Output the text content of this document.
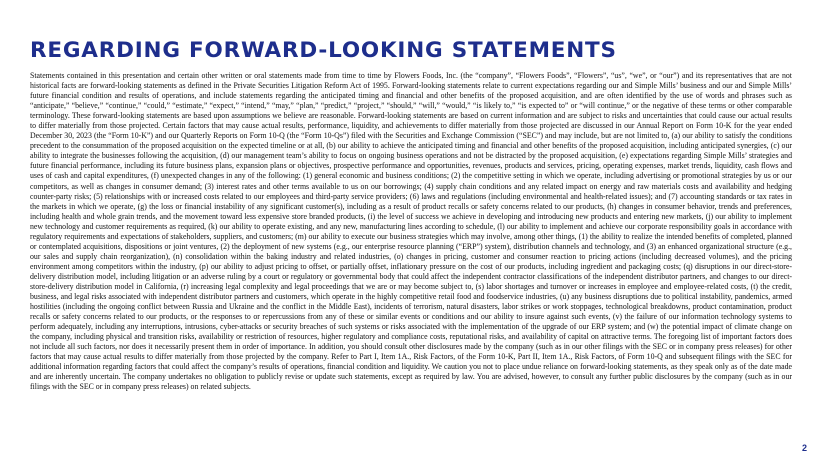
REGARDING FORWARD-LOOKING STATEMENTS

Statements contained in this presentation and certain other written or oral statements made from time to time by Flowers Foods, Inc. (the “company”, “Flowers Foods”, “Flowers”, “us”, “we”, or “our”) and its representatives that are not historical facts are forward-looking statements as defined in the Private Securities Litigation Reform Act of 1995. Forward-looking statements relate to current expectations regarding our and Simple Mills’ business and our and Simple Mills’ future financial condition and results of operations, and include statements regarding the anticipated timing and financial and other benefits of the proposed acquisition, and are often identified by the use of words and phrases such as “anticipate,” “believe,” “continue,” “could,” “estimate,” “expect,” “intend,” “may,” “plan,” “predict,” “project,” “should,” “will,” “would,” “is likely to,” “is expected to” or “will continue,” or the negative of these terms or other comparable terminology. These forward-looking statements are based upon assumptions we believe are reasonable. Forward-looking statements are based on current information and are subject to risks and uncertainties that could cause our actual results to differ materially from those projected. Certain factors that may cause actual results, performance, liquidity, and achievements to differ materially from those projected are discussed in our Annual Report on Form 10-K for the year ended December 30, 2023 (the “Form 10-K”) and our Quarterly Reports on Form 10-Q (the “Form 10-Qs”) filed with the Securities and Exchange Commission (“SEC”) and may include, but are not limited to, (a) our ability to satisfy the conditions precedent to the consummation of the proposed acquisition on the expected timeline or at all, (b) our ability to achieve the anticipated timing and financial and other benefits of the proposed acquisition, including anticipated synergies, (c) our ability to integrate the businesses following the acquisition, (d) our management team’s ability to focus on ongoing business operations and not be distracted by the proposed acquisition, (e) expectations regarding Simple Mills’ strategies and future financial performance, including its future business plans, expansion plans or objectives, prospective performance and opportunities, revenues, products and services, pricing, operating expenses, market trends, liquidity, cash flows and uses of cash and capital expenditures, (f) unexpected changes in any of the following: (1) general economic and business conditions; (2) the competitive setting in which we operate, including advertising or promotional strategies by us or our competitors, as well as changes in consumer demand; (3) interest rates and other terms available to us on our borrowings; (4) supply chain conditions and any related impact on energy and raw materials costs and availability and hedging counter-party risks; (5) relationships with or increased costs related to our employees and third-party service providers; (6) laws and regulations (including environmental and health-related issues); and (7) accounting standards or tax rates in the markets in which we operate, (g) the loss or financial instability of any significant customer(s), including as a result of product recalls or safety concerns related to our products, (h) changes in consumer behavior, trends and preferences, including health and whole grain trends, and the movement toward less expensive store branded products, (i) the level of success we achieve in developing and introducing new products and entering new markets, (j) our ability to implement new technology and customer requirements as required, (k) our ability to operate existing, and any new, manufacturing lines according to schedule, (l) our ability to implement and achieve our corporate responsibility goals in accordance with regulatory requirements and expectations of stakeholders, suppliers, and customers; (m) our ability to execute our business strategies which may involve, among other things, (1) the ability to realize the intended benefits of completed, planned or contemplated acquisitions, dispositions or joint ventures, (2) the deployment of new systems (e.g., our enterprise resource planning (“ERP”) system), distribution channels and technology, and (3) an enhanced organizational structure (e.g., our sales and supply chain reorganization), (n) consolidation within the baking industry and related industries, (o) changes in pricing, customer and consumer reaction to pricing actions (including decreased volumes), and the pricing environment among competitors within the industry, (p) our ability to adjust pricing to offset, or partially offset, inflationary pressure on the cost of our products, including ingredient and packaging costs; (q) disruptions in our direct-store-delivery distribution model, including litigation or an adverse ruling by a court or regulatory or governmental body that could affect the independent contractor classifications of the independent distributor partners, and changes to our direct-store-delivery distribution model in California, (r) increasing legal complexity and legal proceedings that we are or may become subject to, (s) labor shortages and turnover or increases in employee and employee-related costs, (t) the credit, business, and legal risks associated with independent distributor partners and customers, which operate in the highly competitive retail food and foodservice industries, (u) any business disruptions due to political instability, pandemics, armed hostilities (including the ongoing conflict between Russia and Ukraine and the conflict in the Middle East), incidents of terrorism, natural disasters, labor strikes or work stoppages, technological breakdowns, product contamination, product recalls or safety concerns related to our products, or the responses to or repercussions from any of these or similar events or conditions and our ability to insure against such events, (v) the failure of our information technology systems to perform adequately, including any interruptions, intrusions, cyber-attacks or security breaches of such systems or risks associated with the implementation of the upgrade of our ERP system; and (w) the potential impact of climate change on the company, including physical and transition risks, availability or restriction of resources, higher regulatory and compliance costs, reputational risks, and availability of capital on attractive terms. The foregoing list of important factors does not include all such factors, nor does it necessarily present them in order of importance. In addition, you should consult other disclosures made by the company (such as in our other filings with the SEC or in company press releases) for other factors that may cause actual results to differ materially from those projected by the company. Refer to Part I, Item 1A., Risk Factors, of the Form 10-K, Part II, Item 1A., Risk Factors, of Form 10-Q and subsequent filings with the SEC for additional information regarding factors that could affect the company’s results of operations, financial condition and liquidity. We caution you not to place undue reliance on forward-looking statements, as they speak only as of the date made and are inherently uncertain. The company undertakes no obligation to publicly revise or update such statements, except as required by law. You are advised, however, to consult any further public disclosures by the company (such as in our filings with the SEC or in company press releases) on related subjects.

2
